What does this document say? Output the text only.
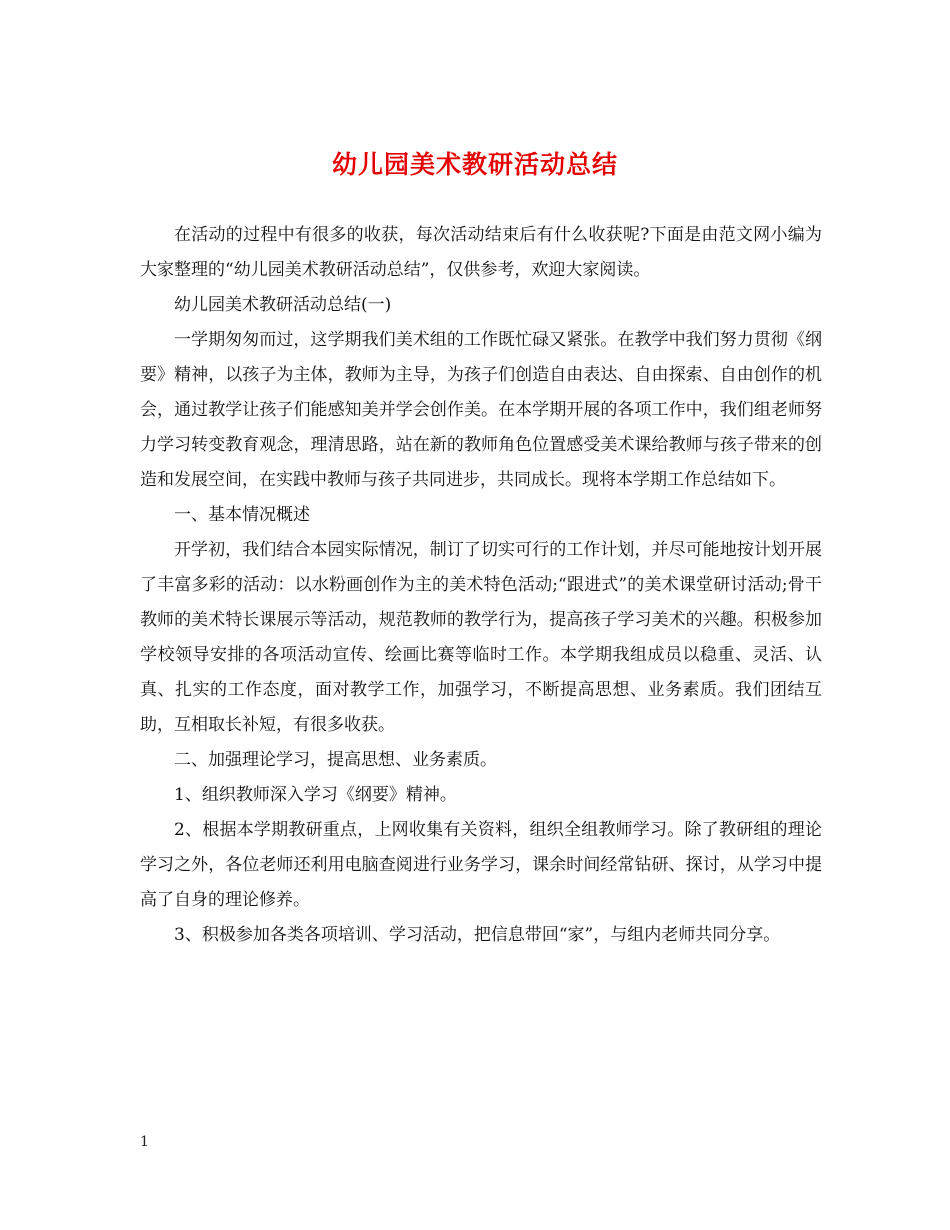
幼儿园美术教研活动总结

在活动的过程中有很多的收获，每次活动结束后有什么收获呢?下面是由范文网小编为大家整理的“幼儿园美术教研活动总结”，仅供参考，欢迎大家阅读。

幼儿园美术教研活动总结(一)

一学期匆匆而过，这学期我们美术组的工作既忙碌又紧张。在教学中我们努力贯彻《纲要》精神，以孩子为主体，教师为主导，为孩子们创造自由表达、自由探索、自由创作的机会，通过教学让孩子们能感知美并学会创作美。在本学期开展的各项工作中，我们组老师努力学习转变教育观念，理清思路，站在新的教师角色位置感受美术课给教师与孩子带来的创造和发展空间，在实践中教师与孩子共同进步，共同成长。现将本学期工作总结如下。

一、基本情况概述

开学初，我们结合本园实际情况，制订了切实可行的工作计划，并尽可能地按计划开展了丰富多彩的活动：以水粉画创作为主的美术特色活动;“跟进式”的美术课堂研讨活动;骨干教师的美术特长课展示等活动，规范教师的教学行为，提高孩子学习美术的兴趣。积极参加学校领导安排的各项活动宣传、绘画比赛等临时工作。本学期我组成员以稳重、灵活、认真、扎实的工作态度，面对教学工作，加强学习，不断提高思想、业务素质。我们团结互助，互相取长补短，有很多收获。

二、加强理论学习，提高思想、业务素质。

1、组织教师深入学习《纲要》精神。

2、根据本学期教研重点，上网收集有关资料，组织全组教师学习。除了教研组的理论学习之外，各位老师还利用电脑查阅进行业务学习，课余时间经常钻研、探讨，从学习中提高了自身的理论修养。

3、积极参加各类各项培训、学习活动，把信息带回“家”，与组内老师共同分享。

1
